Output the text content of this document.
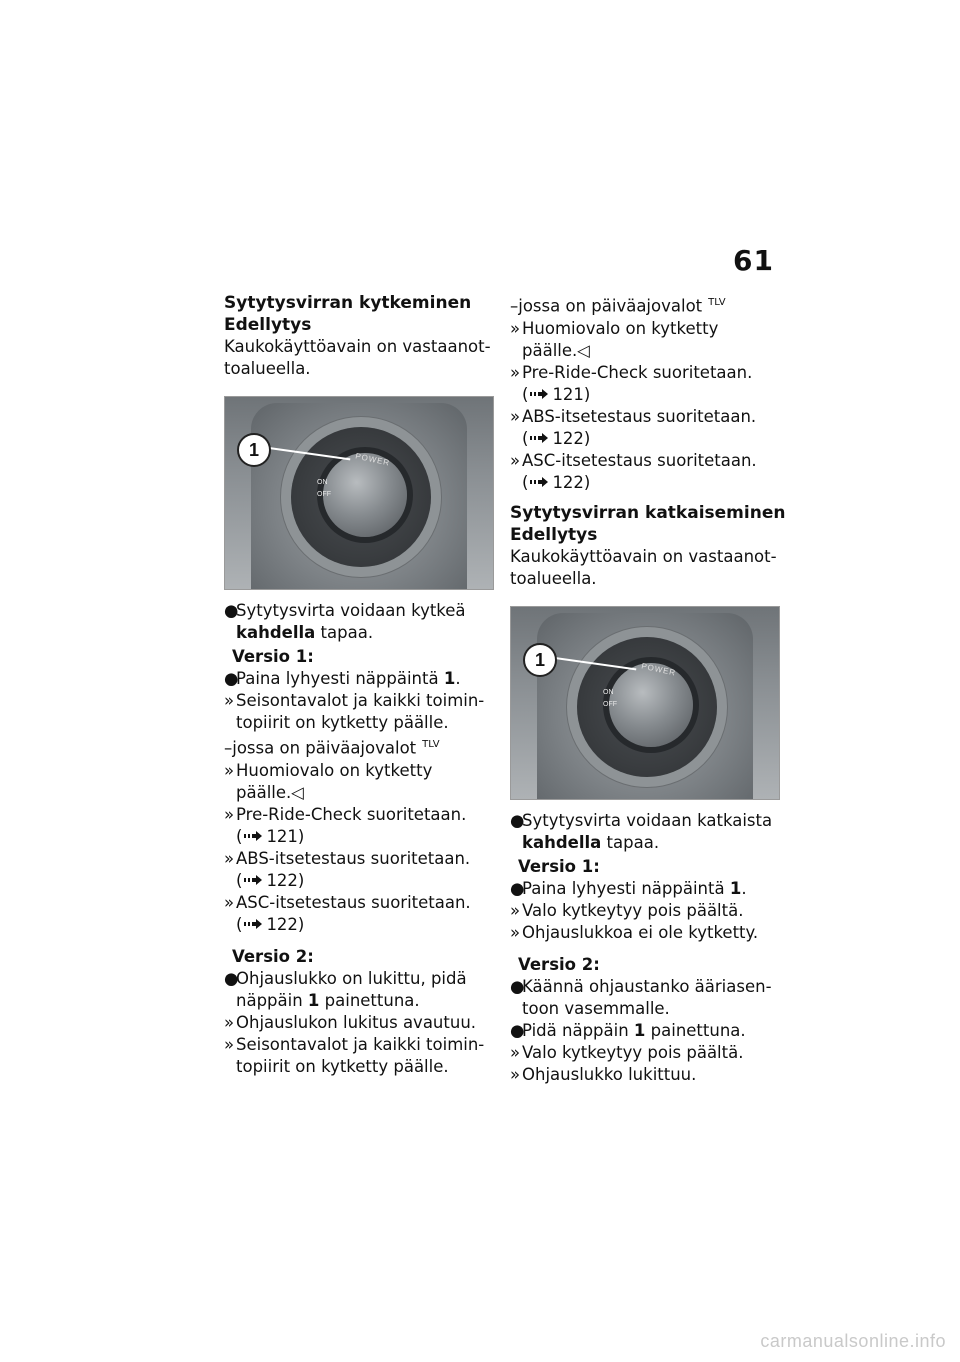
61
Sytytysvirran kytkeminen
Edellytys
Kaukokäyttöavain on vastaanot-
toalueella.
POWER
ON
OFF
1
●
Sytytysvirta voidaan kytkeä
kahdella tapaa.
Versio 1:
●
Paina lyhyesti näppäintä 1.
» Seisontavalot ja kaikki toimin-
topiirit on kytketty päälle.
–jossa on päiväajovalot $^{TLV}$
» Huomiovalo on kytketty
päälle.◁
» Pre-Ride-Check suoritetaan.
( 121)
» ABS-itsetestaus suoritetaan.
( 122)
» ASC-itsetestaus suoritetaan.
( 122)
Versio 2:
●
Ohjauslukko on lukittu, pidä
näppäin 1 painettuna.
» Ohjauslukon lukitus avautuu.
» Seisontavalot ja kaikki toimin-
topiirit on kytketty päälle.
–jossa on päiväajovalot $^{TLV}$
» Huomiovalo on kytketty
päälle.◁
» Pre-Ride-Check suoritetaan.
( 121)
» ABS-itsetestaus suoritetaan.
( 122)
» ASC-itsetestaus suoritetaan.
( 122)
Sytytysvirran katkaiseminen
Edellytys
Kaukokäyttöavain on vastaanot-
toalueella.
POWER
ON
OFF
1
●
Sytytysvirta voidaan katkaista
kahdella tapaa.
Versio 1:
●
Paina lyhyesti näppäintä 1.
» Valo kytkeytyy pois päältä.
» Ohjauslukkoa ei ole kytketty.
Versio 2:
●
Käännä ohjaustanko ääriasen-
toon vasemmalle.
●
Pidä näppäin 1 painettuna.
» Valo kytkeytyy pois päältä.
» Ohjauslukko lukittuu.
carmanualsonline.info
